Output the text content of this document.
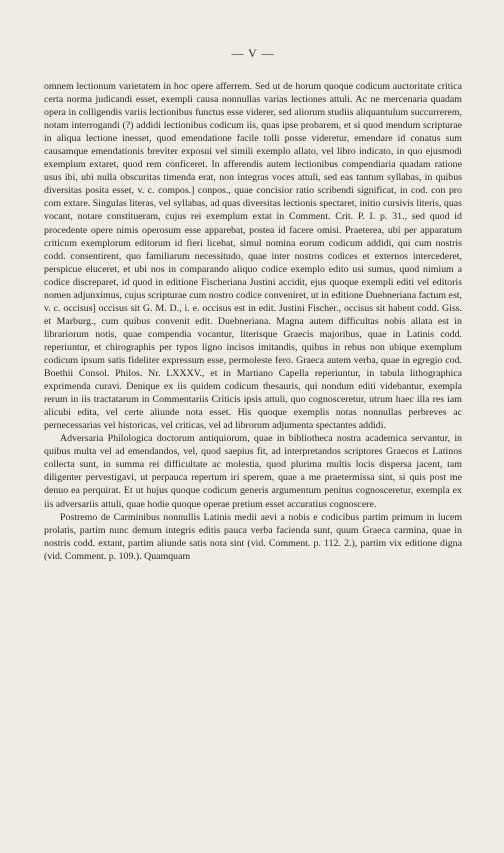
— V —

omnem lectionum varietatem in hoc opere afferrem. Sed ut de horum quoque codicum auctoritate critica certa norma judicandi esset, exempli causa nonnullas varias lectiones attuli. Ac ne mercenaria quadam opera in colligendis variis lectionibus functus esse viderer, sed aliorum studiis aliquantulum succurrerem, notam interrogandi (?) addidi lectionibus codicum iis, quas ipse probarem, et si quod mendum scripturae in aliqua lectione inesset, quod emendatione facile tolli posse videretur, emendare id conatus sum causamque emendationis breviter exposui vel simili exemplo allato, vel libro indicato, in quo ejusmodi exemplum extaret, quod rem conficeret. In afferendis autem lectionibus compendiaria quadam ratione usus ibi, ubi nulla obscuritas timenda erat, non integras voces attuli, sed eas tantum syllabas, in quibus diversitas posita esset, v. c. compos.] conpos., quae concisior ratio scribendi significat, in cod. con pro com extare. Singulas literas, vel syllabas, ad quas diversitas lectionis spectaret, initio cursivis literis, quas vocant, notare constitueram, cujus rei exemplum extat in Comment. Crit. P. I. p. 31., sed quod id procedente opere nimis operosum esse apparebat, postea id facere omisi. Praeterea, ubi per apparatum criticum exemplorum editorum id fieri licebat, simul nomina eorum codicum addidi, qui cum nostris codd. consentirent, quo familiarum necessitudo, quae inter nostros codices et externos intercederet, perspicue eluceret, et ubi nos in comparando aliquo codice exemplo edito usi sumus, quod nimium a codice discreparet, id quod in editione Fischeriana Justini accidit, ejus quoque exempli editi vel editoris nomen adjunximus, cujus scripturae cum nostro codice conveniret, ut in editione Duebneriana factum est, v. c. occisus] occisus sit G. M. D., i. e. occisus est in edit. Justini Fischer., occisus sit habent codd. Giss. et Marburg., cum quibus convenit edit. Duebneriana. Magna autem difficultas nobis allata est in librariorum notis, quae compendia vocantur, literisque Graecis majoribus, quae in Latinis codd. reperiuntur, et chirographis per typos ligno incisos imitandis, quibus in rebus non ubique exemplum codicum ipsum satis fideliter expressum esse, permoleste fero. Graeca autem verba, quae in egregio cod. Boethii Consol. Philos. Nr. LXXXV., et in Martiano Capella reperiuntur, in tabula lithographica exprimenda curavi. Denique ex iis quidem codicum thesauris, qui nondum editi videbantur, exempla rerum in iis tractatarum in Commentariis Criticis ipsis attuli, quo cognosceretur, utrum haec illa res iam alicubi edita, vel certe aliunde nota esset. His quoque exemplis notas nonnullas perbreves ac pernecessarias vel historicas, vel criticas, vel ad librorum adjumenta spectantes addidi.

Adversaria Philologica doctorum antiquiorum, quae in bibliotheca nostra academica servantur, in quibus multa vel ad emendandos, vel, quod saepius fit, ad interpretandos scriptores Graecos et Latinos collecta sunt, in summa rei difficultate ac molestia, quod plurima multis locis dispersa jacent, tam diligenter pervestigavi, ut perpauca repertum iri sperem, quae a me praetermissa sint, si quis post me denuo ea perquirat. Et ut hujus quoque codicum generis argumentum penitus cognosceretur, exempla ex iis adversariis attuli, quae hodie quoque operae pretium esset accuratius cognoscere.

Postremo de Carminibus nonnullis Latinis medii aevi a nobis e codicibus partim primum in lucem prolatis, partim nunc demum integris editis pauca verba facienda sunt, quum Graeca carmina, quae in nostris codd. extant, partim aliunde satis nota sint (vid. Comment. p. 112. 2.), partim vix editione digna (vid. Comment. p. 109.). Quamquam
